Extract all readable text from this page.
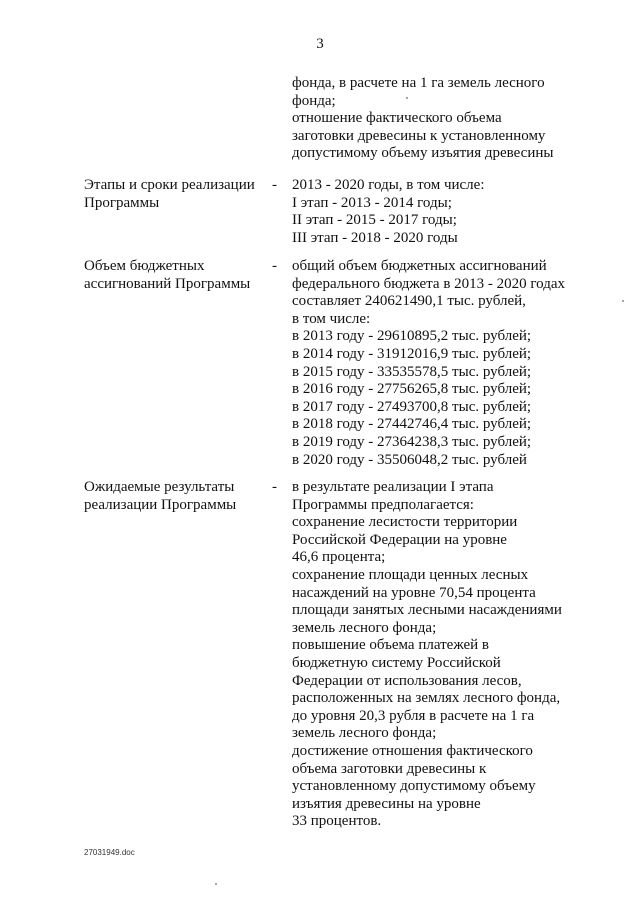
3
фонда, в расчете на 1 га земель лесного
фонда;
отношение фактического объема
заготовки древесины к установленному
допустимому объему изъятия древесины
Этапы и сроки реализации
Программы
- 2013 - 2020 годы, в том числе:
I этап - 2013 - 2014 годы;
II этап - 2015 - 2017 годы;
III этап - 2018 - 2020 годы
Объем бюджетных
ассигнований Программы
- общий объем бюджетных ассигнований
федерального бюджета в 2013 - 2020 годах
составляет 240621490,1 тыс. рублей,
в том числе:
в 2013 году - 29610895,2 тыс. рублей;
в 2014 году - 31912016,9 тыс. рублей;
в 2015 году - 33535578,5 тыс. рублей;
в 2016 году - 27756265,8 тыс. рублей;
в 2017 году - 27493700,8 тыс. рублей;
в 2018 году - 27442746,4 тыс. рублей;
в 2019 году - 27364238,3 тыс. рублей;
в 2020 году - 35506048,2 тыс. рублей
Ожидаемые результаты
реализации Программы
- в результате реализации I этапа
Программы предполагается:
сохранение лесистости территории
Российской Федерации на уровне
46,6 процента;
сохранение площади ценных лесных
насаждений на уровне 70,54 процента
площади занятых лесными насаждениями
земель лесного фонда;
повышение объема платежей в
бюджетную систему Российской
Федерации от использования лесов,
расположенных на землях лесного фонда,
до уровня 20,3 рубля в расчете на 1 га
земель лесного фонда;
достижение отношения фактического
объема заготовки древесины к
установленному допустимому объему
изъятия древесины на уровне
33 процентов.
27031949.doc
